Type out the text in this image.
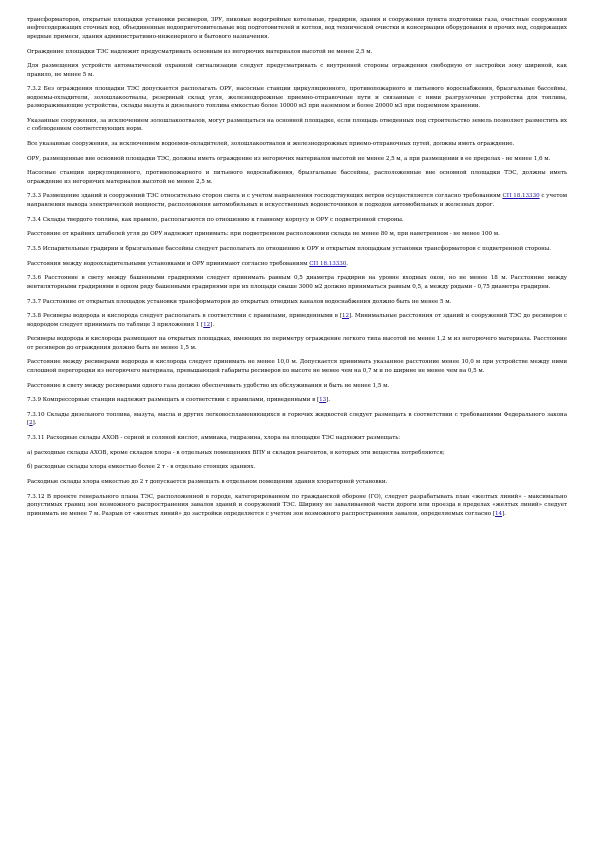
трансформаторов, открытые площадки установки ресиверов, ЗРУ, пиковые водогрейные котельные, градирни, здания и сооружения пункта подготовки газа, очистные сооружения нефтесодержащих сточных вод, объединенные водоприготовительные вод подготовителей и котлов, вод технической очистки и консервации оборудования и прочих вод, содержащих вредные примеси, здания административно-инженерного и бытового назначения.

Ограждение площадки ТЭС надлежит предусматривать основным из негорючих материалов высотой не менее 2,5 м.

Для размещения устройств автоматической охранной сигнализации следует предусматривать с внутренней стороны ограждения свободную от застройки зону шириной, как правило, не менее 5 м.

7.3.2 Без ограждения площадки ТЭС допускается располагать ОРУ, насосные станции циркуляционного, противопожарного и питьевого водоснабжения, брызгальные бассейны, водоемы-охладители, золошлакоотвалы, резервный склад угля, железнодорожные приемно-отправочные пути и связанные с ними разгрузочные устройства для топлива, размораживающие устройства, склады мазута и дизельного топлива емкостью более 10000 м3 при наземном и более 20000 м3 при подземном хранении.

Указанные сооружения, за исключением золошлакоотвалов, могут размещаться на основной площадке, если площадь отведенных под строительство земель позволяет разместить их с соблюдением соответствующих норм.

Все указанные сооружения, за исключением водоемов-охладителей, золошлакоотвалов и железнодорожных приемо-отправочных путей, должны иметь ограждение.

ОРУ, размещенные вне основной площадки ТЭС, должны иметь ограждение из негорючих материалов высотой не менее 2,5 м, а при размещении в ее пределах - не менее 1,6 м.

Насосные станции циркуляционного, противопожарного и питьевого водоснабжения, брызгальные бассейны, расположенные вне основной площадки ТЭС, должны иметь ограждение из негорючих материалов высотой не менее 2,5 м.

7.3.3 Размещение зданий и сооружений ТЭС относительно сторон света и с учетом направления господствующих ветров осуществляется согласно требованиям СП 18.13330 с учетом направления вывода электрической мощности, расположения автомобильных и искусственных водоисточников и подходов автомобильных и железных дорог.

7.3.4 Склады твердого топлива, как правило, располагаются по отношению к главному корпусу и ОРУ с подветренной стороны.

Расстояние от крайних штабелей угля до ОРУ надлежит принимать: при подветренном расположении склада не менее 80 м, при наветренном - не менее 100 м.

7.3.5 Испарительные градирни и брызгальные бассейны следует располагать по отношению к ОРУ и открытым площадкам установки трансформаторов с подветренной стороны.

Расстояния между водоохладительными установками и ОРУ принимают согласно требованиям СП 18.13330.

7.3.6 Расстояние в свету между башенными градирнями следует принимать равным 0,5 диаметра градирни на уровне входных окон, но не менее 18 м. Расстояние между вентиляторными градирнями в одном ряду башенными градирнями при их площади свыше 3000 м2 должно приниматься равным 0,5, а между рядами - 0,75 диаметра градирни.

7.3.7 Расстояние от открытых площадок установки трансформаторов до открытых отводных каналов водоснабжения должно быть не менее 5 м.

7.3.8 Ресиверы водорода и кислорода следует располагать в соответствии с правилами, приведенными в [12]. Минимальные расстояния от зданий и сооружений ТЭС до ресиверов с водородом следует принимать по таблице 3 приложения 1 [12].

Ресиверы водорода и кислорода размещают на открытых площадках, имеющих по периметру ограждение легкого типа высотой не менее 1,2 м из негорючего материала. Расстояние от ресиверов до ограждения должно быть не менее 1,5 м.

Расстояние между ресиверами водорода и кислорода следует принимать не менее 10,0 м. Допускается принимать указанное расстояние менее 10,0 м при устройстве между ними сплошной перегородки из негорючего материала, превышающей габариты ресиверов по высоте не менее чем на 0,7 м и по ширине не менее чем на 0,5 м.

Расстояние в свету между ресиверами одного газа должно обеспечивать удобство их обслуживания и быть не менее 1,5 м.

7.3.9 Компрессорные станции надлежит размещать в соответствии с правилами, приведенными в [13].

7.3.10 Склады дизельного топлива, мазута, масла и других легковоспламеняющихся и горючих жидкостей следует размещать в соответствии с требованиями Федерального закона [2].

7.3.11 Расходные склады АХОВ - серной и соляной кислот, аммиака, гидразина, хлора на площадке ТЭС надлежит размещать:

а) расходные склады АХОВ, кроме складов хлора - в отдельных помещениях ВПУ и складов реагентов, в которых эти вещества потребляются;

б) расходные склады хлора емкостью более 2 т - в отдельно стоящих зданиях.

Расходные склады хлора емкостью до 2 т допускается размещать в отдельном помещении здания хлораторной установки.

7.3.12 В проекте генерального плана ТЭС, расположенной в городе, категорированном по гражданской обороне (ГО), следует разрабатывать план «желтых линий» - максимально допустимых границ зон возможного распространения завалов зданий и сооружений ТЭС. Ширину не заваливаемой части дороги или проезда в пределах «желтых линий» следует принимать не менее 7 м. Разрыв от «желтых линий» до застройки определяется с учетом зон возможного распространения завалов, определяемых согласно [14].
